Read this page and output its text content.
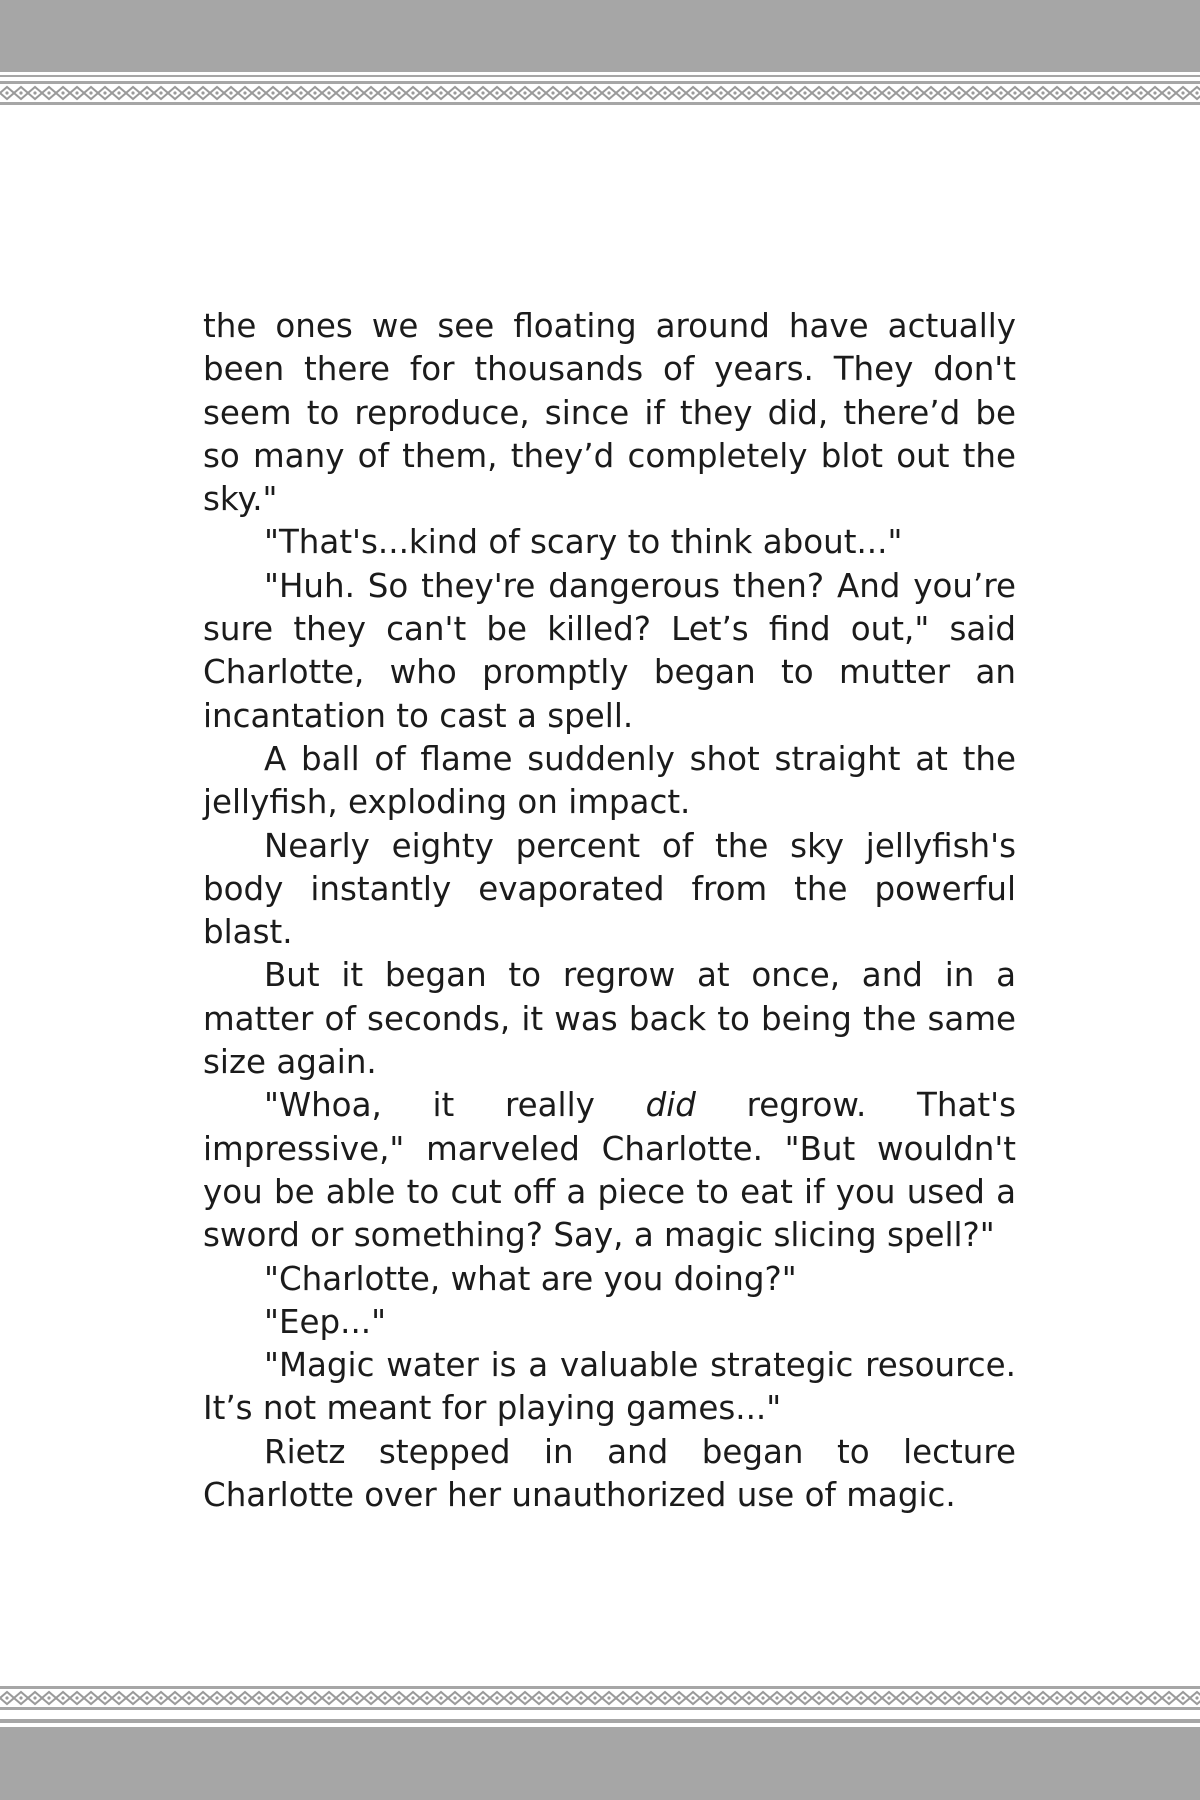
the ones we see floating around have actually been there for thousands of years. They don't seem to reproduce, since if they did, there’d be so many of them, they’d completely blot out the sky."

"That's...kind of scary to think about..."

"Huh. So they're dangerous then? And you’re sure they can't be killed? Let’s find out," said Charlotte, who promptly began to mutter an incantation to cast a spell.

A ball of flame suddenly shot straight at the jellyfish, exploding on impact.

Nearly eighty percent of the sky jellyfish's body instantly evaporated from the powerful blast.

But it began to regrow at once, and in a matter of seconds, it was back to being the same size again.

"Whoa, it really did regrow. That's impressive," marveled Charlotte. "But wouldn't you be able to cut off a piece to eat if you used a sword or something? Say, a magic slicing spell?"

"Charlotte, what are you doing?"

"Eep..."

"Magic water is a valuable strategic resource. It’s not meant for playing games..."

Rietz stepped in and began to lecture Charlotte over her unauthorized use of magic.
